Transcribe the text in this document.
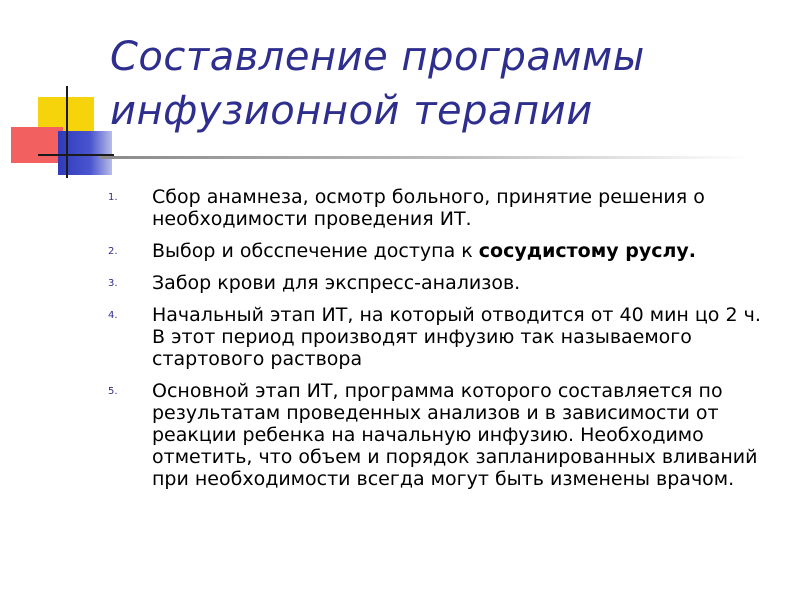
Составление программы
инфузионной терапии
1.	Сбор анамнеза, осмотр больного, принятие решения о необходимости проведения ИТ.
2.	Выбор и обсспечение доступа к сосудистому руслу.
3.	Забор крови для экспресс-анализов.
4.	Начальный этап ИТ, на который отводится от 40 мин цо 2 ч. В этот период производят инфузию так называемого стартового раствора
5.	Основной этап ИТ, программа которого составляется по результатам проведенных анализов и в зависимости от реакции ребенка на начальную инфузию. Необходимо отметить, что объем и порядок запланированных вливаний при необходимости всегда могут быть изменены врачом.
